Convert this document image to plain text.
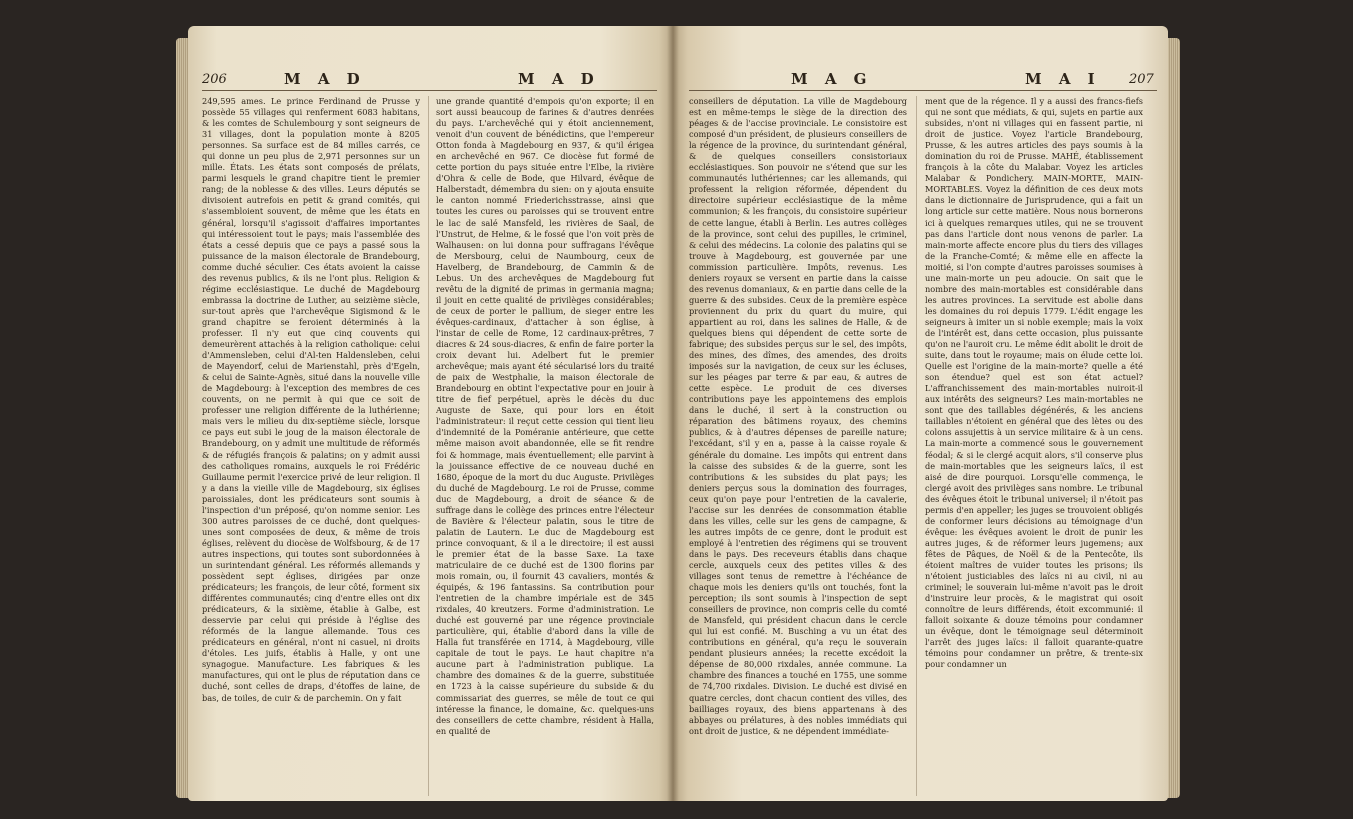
206	M A D	M A D
249,595 ames. Le prince Ferdinand de Prusse y possède 55 villages qui renferment 6083 habitans, & les comtes de Schulembourg y sont seigneurs de 31 villages, dont la population monte à 8205 personnes. Sa surface est de 84 milles carrés, ce qui donne un peu plus de 2,971 personnes sur un mille. États. Les états sont composés de prélats, parmi lesquels le grand chapitre tient le premier rang; de la noblesse & des villes. Leurs députés se divisoient autrefois en petit & grand comités, qui s'assembloient souvent, de même que les états en général, lorsqu'il s'agissoit d'affaires importantes qui intéressoient tout le pays; mais l'assemblée des états a cessé depuis que ce pays a passé sous la puissance de la maison électorale de Brandebourg, comme duché séculier. Ces états avoient la caisse des revenus publics, & ils ne l'ont plus. Religion & régime ecclésiastique. Le duché de Magdebourg embrassa la doctrine de Luther, au seizième siècle, sur-tout après que l'archevêque Sigismond & le grand chapitre se feroient déterminés à la professer. Il n'y eut que cinq couvents qui demeurèrent attachés à la religion catholique: celui d'Ammensleben, celui d'Al-ten Haldensleben, celui de Mayendorf, celui de Marienstahl, près d'Egeln, & celui de Sainte-Agnès, situé dans la nouvelle ville de Magdebourg: à l'exception des membres de ces couvents, on ne permit à qui que ce soit de professer une religion différente de la luthérienne; mais vers le milieu du dix-septième siècle, lorsque ce pays eut subi le joug de la maison électorale de Brandebourg, on y admit une multitude de réformés & de réfugiés françois & palatins; on y admit aussi des catholiques romains, auxquels le roi Frédéric Guillaume permit l'exercice privé de leur religion. Il y a dans la vieille ville de Magdebourg, six églises paroissiales, dont les prédicateurs sont soumis à l'inspection d'un préposé, qu'on nomme senior. Les 300 autres paroisses de ce duché, dont quelques-unes sont composées de deux, & même de trois églises, relèvent du diocèse de Wolfsbourg, & de 17 autres inspections, qui toutes sont subordonnées à un surintendant général. Les réformés allemands y possèdent sept églises, dirigées par onze prédicateurs; les françois, de leur côté, forment six différentes communautés; cinq d'entre elles ont dix prédicateurs, & la sixième, établie à Galbe, est desservie par celui qui préside à l'église des réformés de la langue allemande. Tous ces prédicateurs en général, n'ont ni casuel, ni droits d'étoles. Les juifs, établis à Halle, y ont une synagogue. Manufacture. Les fabriques & les manufactures, qui ont le plus de réputation dans ce duché, sont celles de draps, d'étoffes de laine, de bas, de toiles, de cuir & de parchemin. On y fait
une grande quantité d'empois qu'on exporte; il en sort aussi beaucoup de farines & d'autres denrées du pays. L'archevêché qui y étoit anciennement, venoit d'un couvent de bénédictins, que l'empereur Otton fonda à Magdebourg en 937, & qu'il érigea en archevêché en 967. Ce diocèse fut formé de cette portion du pays située entre l'Elbe, la rivière d'Ohra & celle de Bode, que Hilvard, évêque de Halberstadt, démembra du sien: on y ajouta ensuite le canton nommé Friederichsstrasse, ainsi que toutes les cures ou paroisses qui se trouvent entre le lac de salé Mansfeld, les rivières de Saal, de l'Unstrut, de Helme, & le fossé que l'on voit près de Walhausen: on lui donna pour suffragans l'évêque de Mersbourg, celui de Naumbourg, ceux de Havelberg, de Brandebourg, de Cammin & de Lebus. Un des archevêques de Magdebourg fut revêtu de la dignité de primas in germania magna; il jouit en cette qualité de privilèges considérables; de ceux de porter le pallium, de sieger entre les évêques-cardinaux, d'attacher à son église, à l'instar de celle de Rome, 12 cardinaux-prêtres, 7 diacres & 24 sous-diacres, & enfin de faire porter la croix devant lui. Adelbert fut le premier archevêque; mais ayant été sécularisé lors du traité de paix de Westphalie, la maison électorale de Brandebourg en obtint l'expectative pour en jouir à titre de fief perpétuel, après le décès du duc Auguste de Saxe, qui pour lors en étoit l'administrateur: il reçut cette cession qui tient lieu d'indemnité de la Poméranie antérieure, que cette même maison avoit abandonnée, elle se fit rendre foi & hommage, mais éventuellement; elle parvint à la jouissance effective de ce nouveau duché en 1680, époque de la mort du duc Auguste. Privilèges du duché de Magdebourg. Le roi de Prusse, comme duc de Magdebourg, a droit de séance & de suffrage dans le collège des princes entre l'électeur de Bavière & l'électeur palatin, sous le titre de palatin de Lautern. Le duc de Magdebourg est prince convoquant, & il a le directoire; il est aussi le premier état de la basse Saxe. La taxe matriculaire de ce duché est de 1300 florins par mois romain, ou, il fournit 43 cavaliers, montés & équipés, & 196 fantassins. Sa contribution pour l'entretien de la chambre impériale est de 345 rixdales, 40 kreutzers. Forme d'administration. Le duché est gouverné par une régence provinciale particulière, qui, établie d'abord dans la ville de Halla fut transférée en 1714, à Magdebourg, ville capitale de tout le pays. Le haut chapitre n'a aucune part à l'administration publique. La chambre des domaines & de la guerre, substituée en 1723 à la caisse supérieure du subside & du commissariat des guerres, se mêle de tout ce qui intéresse la finance, le domaine, &c. quelques-uns des conseillers de cette chambre, résident à Halla, en qualité de
M A G	M A I 207
conseillers de députation. La ville de Magdebourg est en même-temps le siège de la direction des péages & de l'accise provinciale. Le consistoire est composé d'un président, de plusieurs conseillers de la régence de la province, du surintendant général, & de quelques conseillers consistoriaux ecclésiastiques. Son pouvoir ne s'étend que sur les communautés luthériennes; car les allemands, qui professent la religion réformée, dépendent du directoire supérieur ecclésiastique de la même communion; & les françois, du consistoire supérieur de cette langue, établi à Berlin. Les autres collèges de la province, sont celui des pupilles, le criminel, & celui des médecins. La colonie des palatins qui se trouve à Magdebourg, est gouvernée par une commission particulière. Impôts, revenus. Les deniers royaux se versent en partie dans la caisse des revenus domaniaux, & en partie dans celle de la guerre & des subsides. Ceux de la première espèce proviennent du prix du quart du muire, qui appartient au roi, dans les salines de Halle, & de quelques biens qui dépendent de cette sorte de fabrique; des subsides perçus sur le sel, des impôts, des mines, des dîmes, des amendes, des droits imposés sur la navigation, de ceux sur les écluses, sur les péages par terre & par eau, & autres de cette espèce. Le produit de ces diverses contributions paye les appointemens des emplois dans le duché, il sert à la construction ou réparation des bâtimens royaux, des chemins publics, & à d'autres dépenses de pareille nature; l'excédant, s'il y en a, passe à la caisse royale & générale du domaine. Les impôts qui entrent dans la caisse des subsides & de la guerre, sont les contributions & les subsides du plat pays; les deniers perçus sous la domination des fourrages, ceux qu'on paye pour l'entretien de la cavalerie, l'accise sur les denrées de consommation établie dans les villes, celle sur les gens de campagne, & les autres impôts de ce genre, dont le produit est employé à l'entretien des régimens qui se trouvent dans le pays. Des receveurs établis dans chaque cercle, auxquels ceux des petites villes & des villages sont tenus de remettre à l'échéance de chaque mois les deniers qu'ils ont touchés, font la perception; ils sont soumis à l'inspection de sept conseillers de province, non compris celle du comté de Mansfeld, qui président chacun dans le cercle qui lui est confié. M. Busching a vu un état des contributions en général, qu'a reçu le souverain pendant plusieurs années; la recette excédoit la dépense de 80,000 rixdales, année commune. La chambre des finances a touché en 1755, une somme de 74,700 rixdales. Division. Le duché est divisé en quatre cercles, dont chacun contient des villes, des bailliages royaux, des biens appartenans à des abbayes ou prélatures, à des nobles immédiats qui ont droit de justice, & ne dépendent immédiate-
ment que de la régence. Il y a aussi des francs-fiefs qui ne sont que médiats, & qui, sujets en partie aux subsides, n'ont ni villages qui en fassent partie, ni droit de justice. Voyez l'article Brandebourg, Prusse, & les autres articles des pays soumis à la domination du roi de Prusse. MAHÉ, établissement françois à la côte du Malabar. Voyez les articles Malabar & Pondichery. MAIN-MORTE, MAIN-MORTABLES. Voyez la définition de ces deux mots dans le dictionnaire de Jurisprudence, qui a fait un long article sur cette matière. Nous nous bornerons ici à quelques remarques utiles, qui ne se trouvent pas dans l'article dont nous venons de parler. La main-morte affecte encore plus du tiers des villages de la Franche-Comté; & même elle en affecte la moitié, si l'on compte d'autres paroisses soumises à une main-morte un peu adoucie. On sait que le nombre des main-mortables est considérable dans les autres provinces. La servitude est abolie dans les domaines du roi depuis 1779. L'édit engage les seigneurs à imiter un si noble exemple; mais la voix de l'intérêt est, dans cette occasion, plus puissante qu'on ne l'auroit cru. Le même édit abolit le droit de suite, dans tout le royaume; mais on élude cette loi. Quelle est l'origine de la main-morte? quelle a été son étendue? quel est son état actuel? L'affranchissement des main-mortables nuiroit-il aux intérêts des seigneurs? Les main-mortables ne sont que des taillables dégénérés, & les anciens taillables n'étoient en général que des lètes ou des colons assujettis à un service militaire & à un cens. La main-morte a commencé sous le gouvernement féodal; & si le clergé acquit alors, s'il conserve plus de main-mortables que les seigneurs laïcs, il est aisé de dire pourquoi. Lorsqu'elle commença, le clergé avoit des privilèges sans nombre. Le tribunal des évêques étoit le tribunal universel; il n'étoit pas permis d'en appeller; les juges se trouvoient obligés de conformer leurs décisions au témoignage d'un évêque: les évêques avoient le droit de punir les autres juges, & de réformer leurs jugemens; aux fêtes de Pâques, de Noël & de la Pentecôte, ils étoient maîtres de vuider toutes les prisons; ils n'étoient justiciables des laïcs ni au civil, ni au criminel; le souverain lui-même n'avoit pas le droit d'instruire leur procès, & le magistrat qui osoit connoître de leurs différends, étoit excommunié: il falloit soixante & douze témoins pour condamner un évêque, dont le témoignage seul déterminoit l'arrêt des juges laïcs: il falloit quarante-quatre témoins pour condamner un prêtre, & trente-six pour condamner un
